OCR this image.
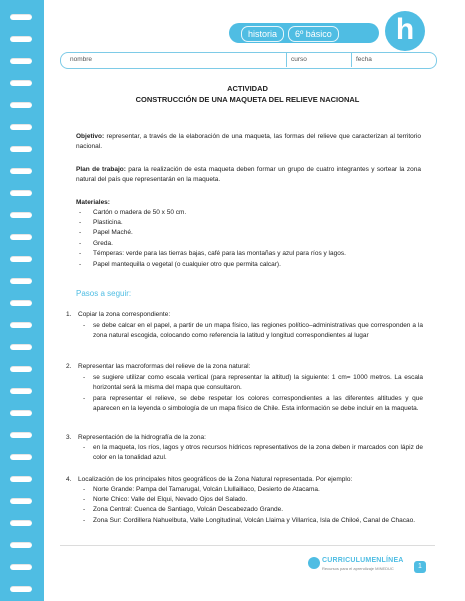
historia	6º básico	h
nombre	curso	fecha
ACTIVIDAD
CONSTRUCCIÓN DE UNA MAQUETA DEL RELIEVE NACIONAL
Objetivo: representar, a través de la elaboración de una maqueta, las formas del relieve que caracterizan al territorio nacional.
Plan de trabajo: para la realización de esta maqueta deben formar un grupo de cuatro integrantes y sortear la zona natural del país que representarán en la maqueta.
Materiales:
- Cartón o madera de 50 x 50 cm.
- Plasticina.
- Papel Maché.
- Greda.
- Témperas: verde para las tierras bajas, café para las montañas y azul para ríos y lagos.
- Papel mantequilla o vegetal (o cualquier otro que permita calcar).
Pasos a seguir:
1. Copiar la zona correspondiente:
- se debe calcar en el papel, a partir de un mapa físico, las regiones político–administrativas que corresponden a la zona natural escogida, colocando como referencia la latitud y longitud correspondientes al lugar
2. Representar las macroformas del relieve de la zona natural:
- se sugiere utilizar como escala vertical (para representar la altitud) la siguiente: 1 cm= 1000 metros. La escala horizontal será la misma del mapa que consultaron.
- para representar el relieve, se debe respetar los colores correspondientes a las diferentes altitudes y que aparecen en la leyenda o simbología de un mapa físico de Chile. Esta información se debe incluir en la maqueta.
3. Representación de la hidrografía de la zona:
- en la maqueta, los ríos, lagos y otros recursos hídricos representativos de la zona deben ir marcados con lápiz de color en la tonalidad azul.
4. Localización de los principales hitos geográficos de la Zona Natural representada. Por ejemplo:
- Norte Grande: Pampa del Tamarugal, Volcán Llullaillaco, Desierto de Atacama.
- Norte Chico: Valle del Elqui, Nevado Ojos del Salado.
- Zona Central: Cuenca de Santiago, Volcán Descabezado Grande.
- Zona Sur: Cordillera Nahuelbuta, Valle Longitudinal, Volcán Llaima y Villarrica, Isla de Chiloé, Canal de Chacao.
CURRICULUMENLÍNEA
Recursos para el aprendizaje MINEDUC	1
